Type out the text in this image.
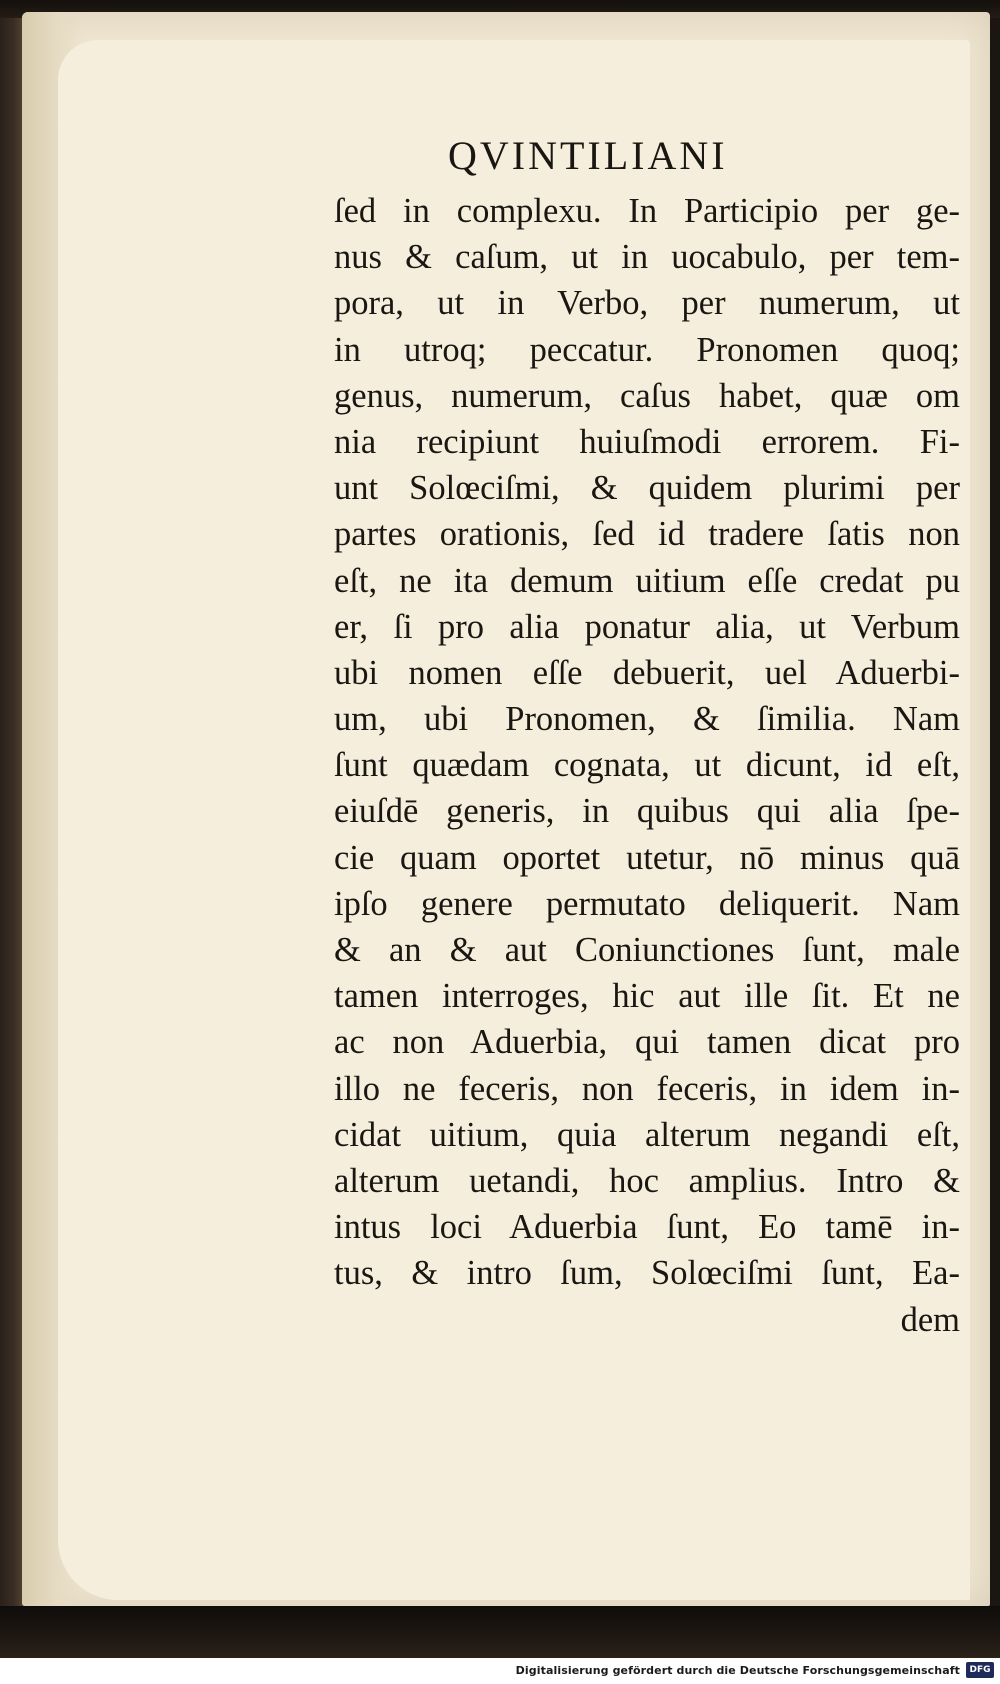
QVINTILIANI
ſed in complexu. In Participio per ge-
nus & caſum, ut in uocabulo, per tem-
pora, ut in Verbo, per numerum, ut
in utroq; peccatur. Pronomen quoq;
genus, numerum, caſus habet, quæ om
nia recipiunt huiuſmodi errorem. Fi-
unt Solœciſmi, & quidem plurimi per
partes orationis, ſed id tradere ſatis non
eſt, ne ita demum uitium eſſe credat pu
er, ſi pro alia ponatur alia, ut Verbum
ubi nomen eſſe debuerit, uel Aduerbi-
um, ubi Pronomen, & ſimilia. Nam
ſunt quædam cognata, ut dicunt, id eſt,
eiuſdē generis, in quibus qui alia ſpe-
cie quam oportet utetur, nō minus quā
ipſo genere permutato deliquerit. Nam
& an & aut Coniunctiones ſunt, male
tamen interroges, hic aut ille ſit. Et ne
ac non Aduerbia, qui tamen dicat pro
illo ne feceris, non feceris, in idem in-
cidat uitium, quia alterum negandi eſt,
alterum uetandi, hoc amplius. Intro &
intus loci Aduerbia ſunt, Eo tamē in-
tus, & intro ſum, Solœciſmi ſunt, Ea-
dem
Digitalisierung gefördert durch die Deutsche Forschungsgemeinschaft	DFG
